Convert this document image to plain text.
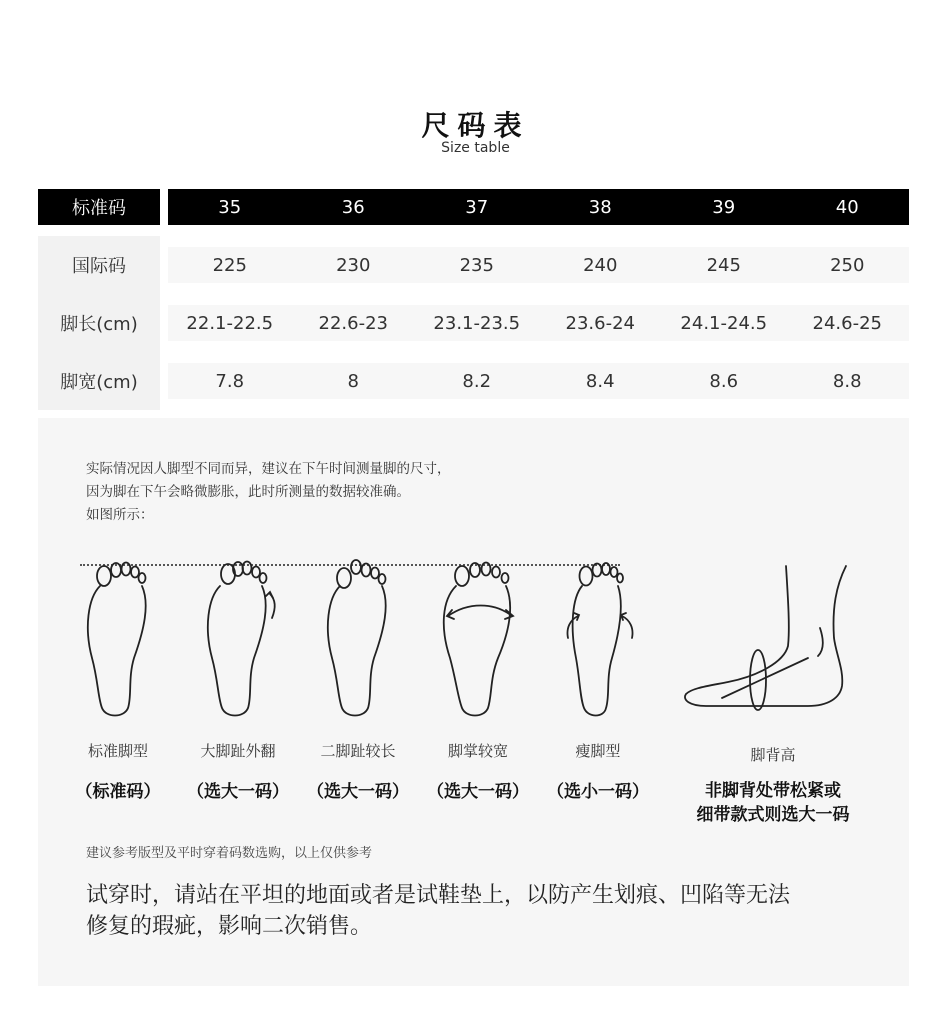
尺码表
Size table
标准码	35	36	37	38	39	40
国际码	225	230	235	240	245	250
脚长(cm)	22.1-22.5	22.6-23	23.1-23.5	23.6-24	24.1-24.5	24.6-25
脚宽(cm)	7.8	8	8.2	8.4	8.6	8.8
实际情况因人脚型不同而异，建议在下午时间测量脚的尺寸，
因为脚在下午会略微膨胀，此时所测量的数据较准确。
如图所示：
标准脚型
（标准码）
大脚趾外翻
（选大一码）
二脚趾较长
（选大一码）
脚掌较宽
（选大一码）
瘦脚型
（选小一码）
脚背高
非脚背处带松紧或
细带款式则选大一码
建议参考版型及平时穿着码数选购，以上仅供参考
试穿时，请站在平坦的地面或者是试鞋垫上，以防产生划痕、凹陷等无法
修复的瑕疵，影响二次销售。
